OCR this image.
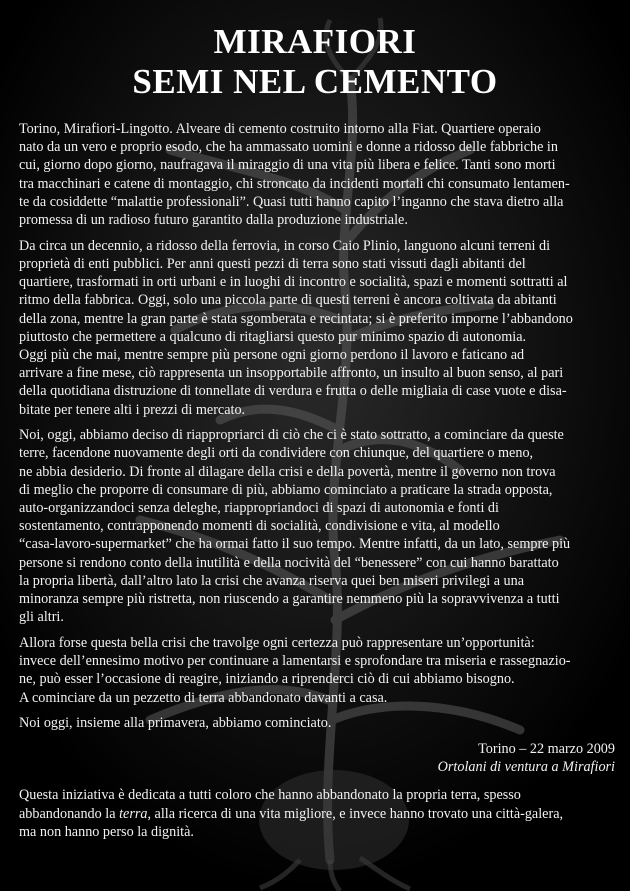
MIRAFIORI
SEMI NEL CEMENTO

Torino, Mirafiori-Lingotto. Alveare di cemento costruito intorno alla Fiat. Quartiere operaio
nato da un vero e proprio esodo, che ha ammassato uomini e donne a ridosso delle fabbriche in
cui, giorno dopo giorno, naufragava il miraggio di una vita più libera e felice. Tanti sono morti
tra macchinari e catene di montaggio, chi stroncato da incidenti mortali chi consumato lentamen-
te da cosiddette “malattie professionali”. Quasi tutti hanno capito l’inganno che stava dietro alla
promessa di un radioso futuro garantito dalla produzione industriale.

Da circa un decennio, a ridosso della ferrovia, in corso Caio Plinio, languono alcuni terreni di
proprietà di enti pubblici. Per anni questi pezzi di terra sono stati vissuti dagli abitanti del
quartiere, trasformati in orti urbani e in luoghi di incontro e socialità, spazi e momenti sottratti al
ritmo della fabbrica. Oggi, solo una piccola parte di questi terreni è ancora coltivata da abitanti
della zona, mentre la gran parte è stata sgomberata e recintata; si è preferito imporne l’abbandono
piuttosto che permettere a qualcuno di ritagliarsi questo pur minimo spazio di autonomia.
Oggi più che mai, mentre sempre più persone ogni giorno perdono il lavoro e faticano ad
arrivare a fine mese, ciò rappresenta un insopportabile affronto, un insulto al buon senso, al pari
della quotidiana distruzione di tonnellate di verdura e frutta o delle migliaia di case vuote e disa-
bitate per tenere alti i prezzi di mercato.

Noi, oggi, abbiamo deciso di riappropriarci di ciò che ci è stato sottratto, a cominciare da queste
terre, facendone nuovamente degli orti da condividere con chiunque, del quartiere o meno,
ne abbia desiderio. Di fronte al dilagare della crisi e della povertà, mentre il governo non trova
di meglio che proporre di consumare di più, abbiamo cominciato a praticare la strada opposta,
auto-organizzandoci senza deleghe, riappropriandoci di spazi di autonomia e fonti di
sostentamento, contrapponendo momenti di socialità, condivisione e vita, al modello
“casa-lavoro-supermarket” che ha ormai fatto il suo tempo. Mentre infatti, da un lato, sempre più
persone si rendono conto della inutilità e della nocività del “benessere” con cui hanno barattato
la propria libertà, dall’altro lato la crisi che avanza riserva quei ben miseri privilegi a una
minoranza sempre più ristretta, non riuscendo a garantire nemmeno più la sopravvivenza a tutti
gli altri.

Allora forse questa bella crisi che travolge ogni certezza può rappresentare un’opportunità:
invece dell’ennesimo motivo per continuare a lamentarsi e sprofondare tra miseria e rassegnazio-
ne, può esser l’occasione di reagire, iniziando a riprenderci ciò di cui abbiamo bisogno.
A cominciare da un pezzetto di terra abbandonato davanti a casa.

Noi oggi, insieme alla primavera, abbiamo cominciato.

Torino – 22 marzo 2009
Ortolani di ventura a Mirafiori

Questa iniziativa è dedicata a tutti coloro che hanno abbandonato la propria terra, spesso
abbandonando la terra, alla ricerca di una vita migliore, e invece hanno trovato una città-galera,
ma non hanno perso la dignità.
